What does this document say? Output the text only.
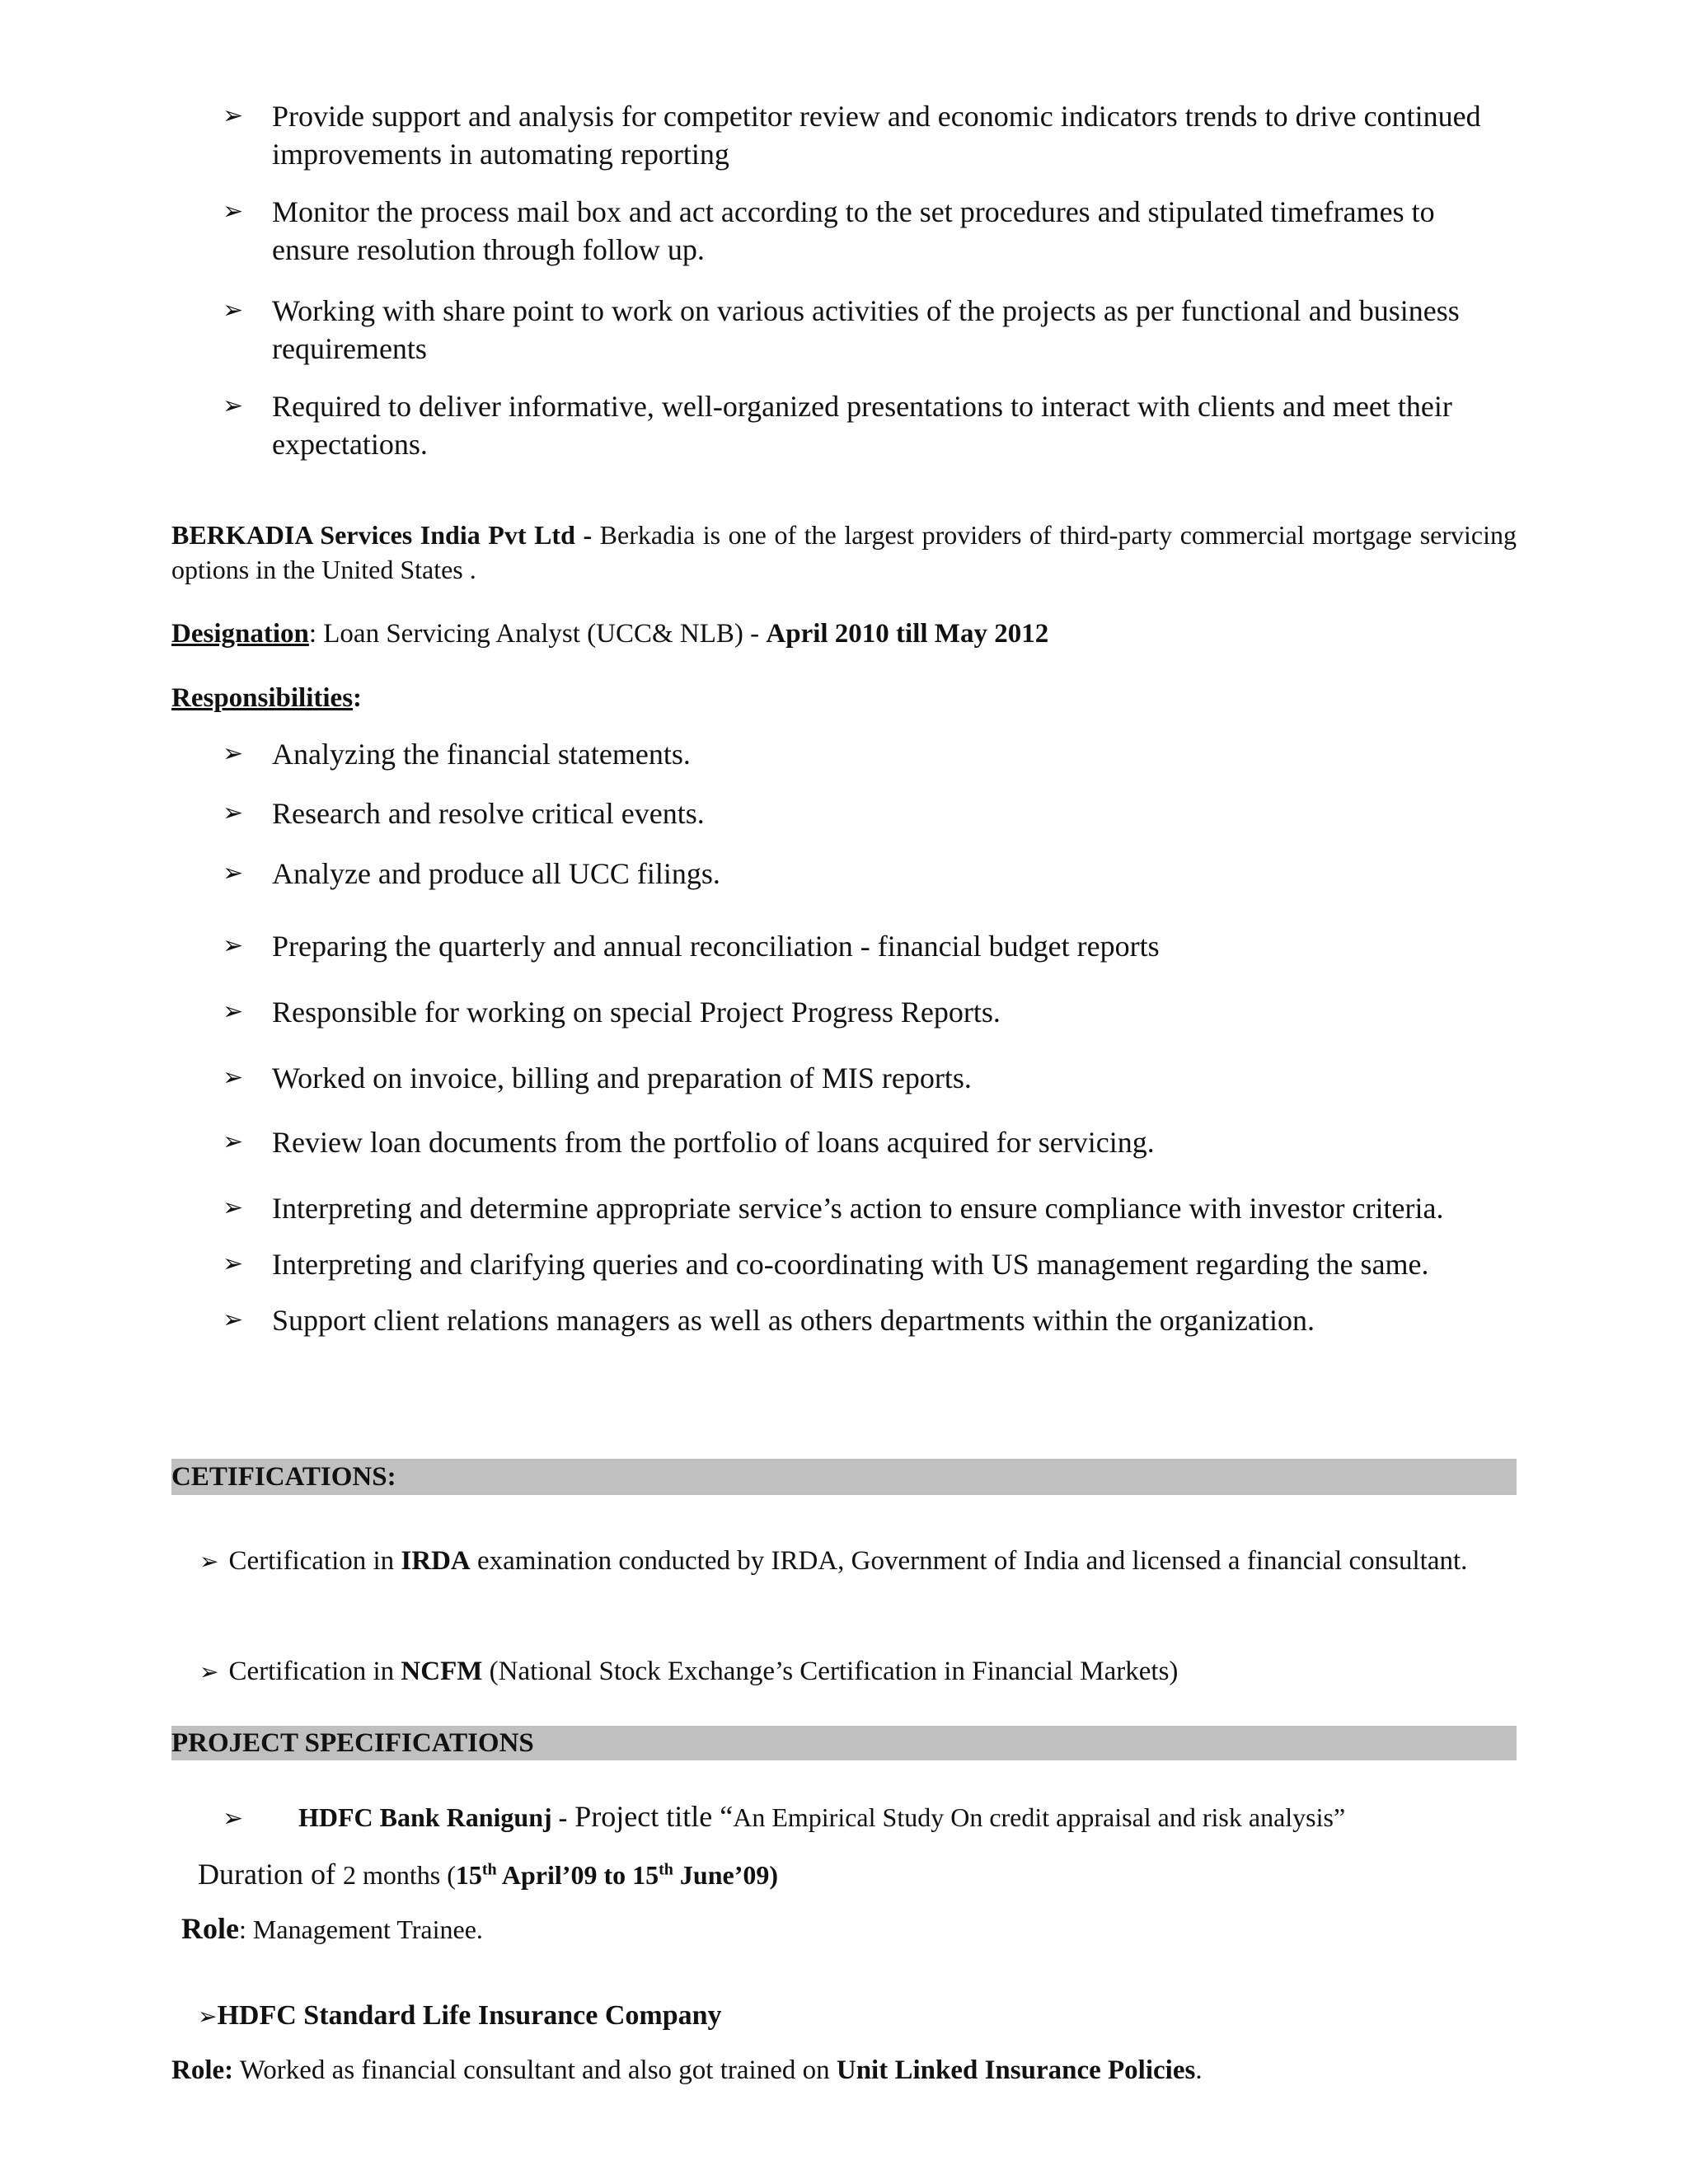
➢ Provide support and analysis for competitor review and economic indicators trends to drive continued improvements in automating reporting
➢ Monitor the process mail box and act according to the set procedures and stipulated timeframes to ensure resolution through follow up.
➢ Working with share point to work on various activities of the projects as per functional and business requirements
➢ Required to deliver informative, well-organized presentations to interact with clients and meet their expectations.
BERKADIA Services India Pvt Ltd - Berkadia is one of the largest providers of third-party commercial mortgage servicing options in the United States .
Designation: Loan Servicing Analyst (UCC& NLB) - April 2010 till May 2012
Responsibilities:
➢ Analyzing the financial statements.
➢ Research and resolve critical events.
➢ Analyze and produce all UCC filings.
➢ Preparing the quarterly and annual reconciliation - financial budget reports
➢ Responsible for working on special Project Progress Reports.
➢ Worked on invoice, billing and preparation of MIS reports.
➢ Review loan documents from the portfolio of loans acquired for servicing.
➢ Interpreting and determine appropriate service’s action to ensure compliance with investor criteria.
➢ Interpreting and clarifying queries and co-coordinating with US management regarding the same.
➢ Support client relations managers as well as others departments within the organization.
CETIFICATIONS:
➢ Certification in IRDA examination conducted by IRDA, Government of India and licensed a financial consultant.
➢ Certification in NCFM (National Stock Exchange’s Certification in Financial Markets)
PROJECT SPECIFICATIONS
➢ HDFC Bank Ranigunj - Project title “An Empirical Study On credit appraisal and risk analysis”
Duration of 2 months (15th April’09 to 15th June’09)
Role: Management Trainee.
➢HDFC Standard Life Insurance Company
Role: Worked as financial consultant and also got trained on Unit Linked Insurance Policies.
